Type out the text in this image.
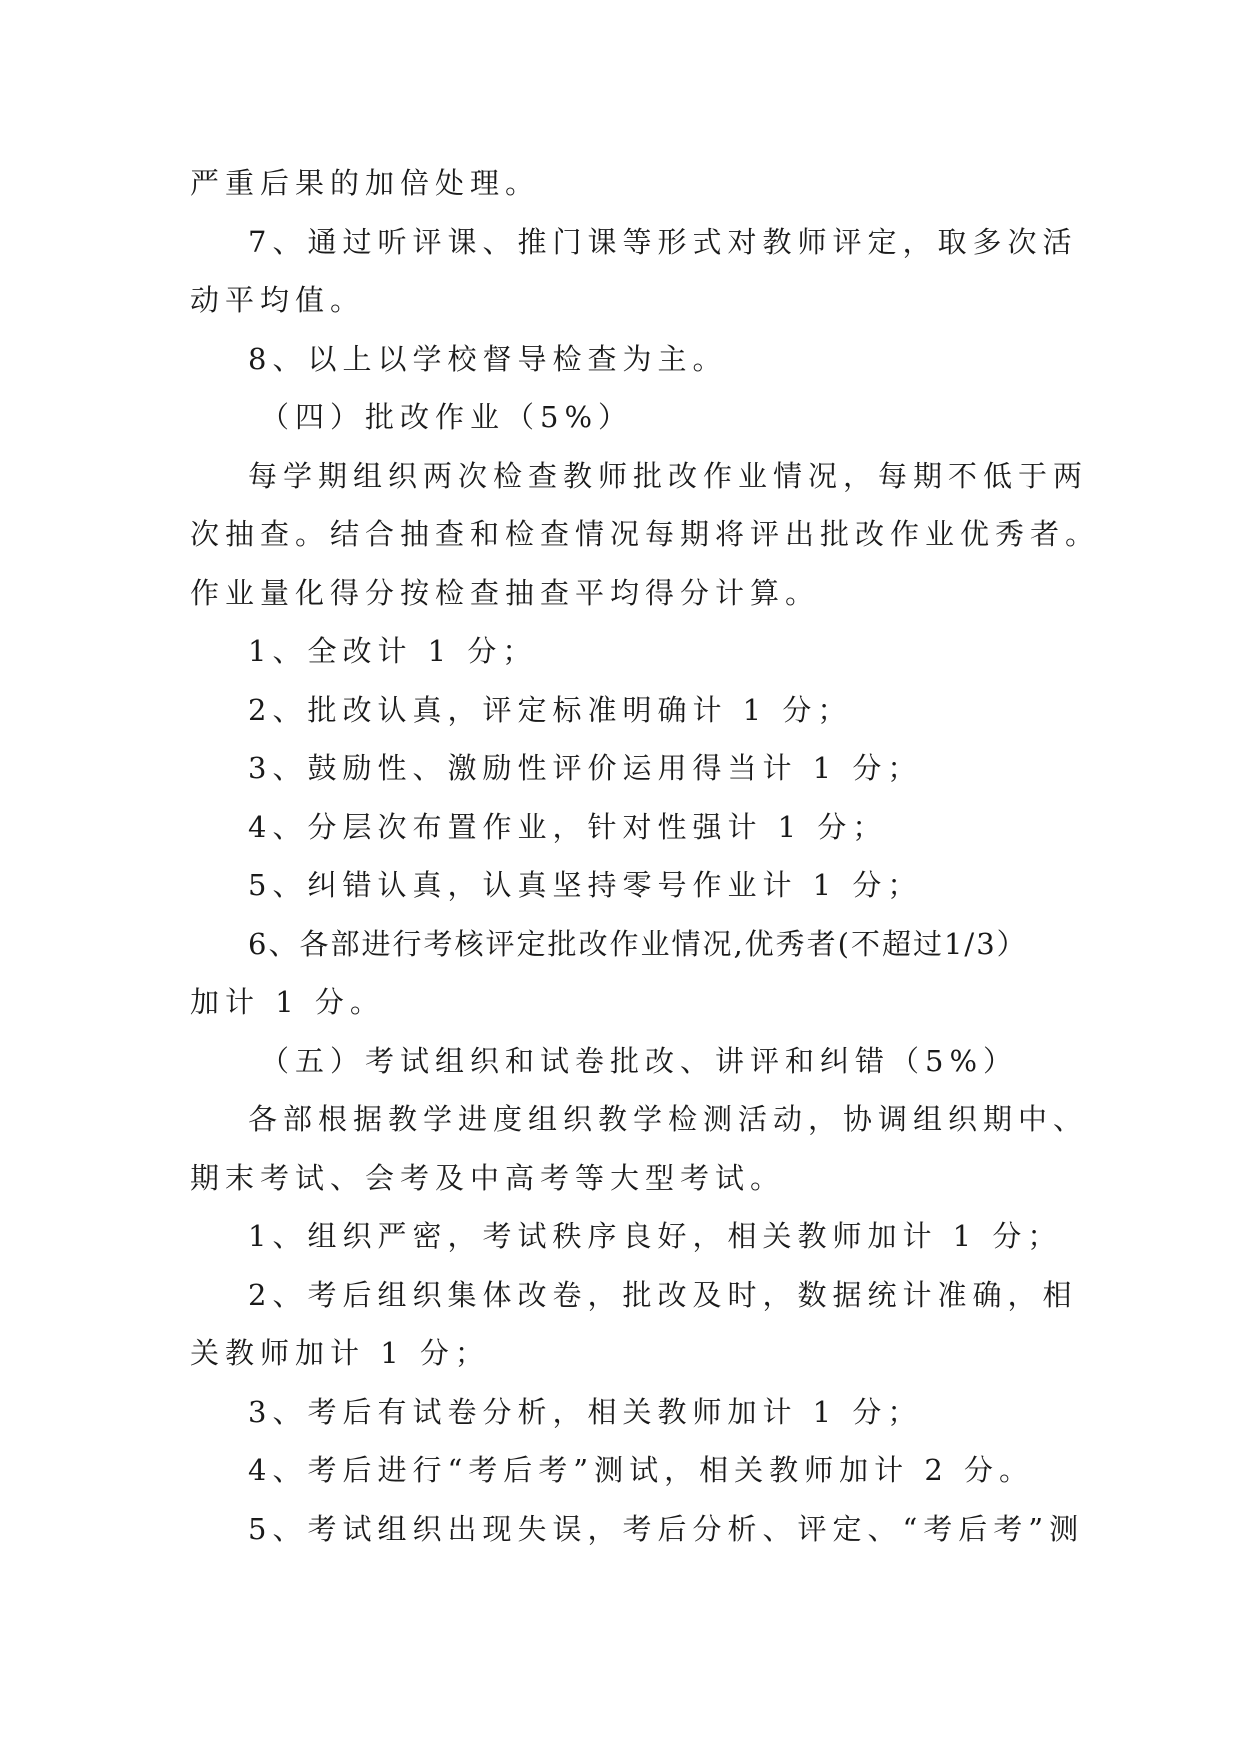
严重后果的加倍处理。
7、通过听评课、推门课等形式对教师评定，取多次活
动平均值。
8、以上以学校督导检查为主。
（四）批改作业（5%）
每学期组织两次检查教师批改作业情况，每期不低于两
次抽查。结合抽查和检查情况每期将评出批改作业优秀者。
作业量化得分按检查抽查平均得分计算。
1、全改计 1 分；
2、批改认真，评定标准明确计 1 分；
3、鼓励性、激励性评价运用得当计 1 分；
4、分层次布置作业，针对性强计 1 分；
5、纠错认真，认真坚持零号作业计 1 分；
6、各部进行考核评定批改作业情况,优秀者(不超过1/3）
加计 1 分。
（五）考试组织和试卷批改、讲评和纠错（5%）
各部根据教学进度组织教学检测活动，协调组织期中、
期末考试、会考及中高考等大型考试。
1、组织严密，考试秩序良好，相关教师加计 1 分；
2、考后组织集体改卷，批改及时，数据统计准确，相
关教师加计 1 分；
3、考后有试卷分析，相关教师加计 1 分；
4、考后进行“考后考”测试，相关教师加计 2 分。
5、考试组织出现失误，考后分析、评定、“考后考”测
